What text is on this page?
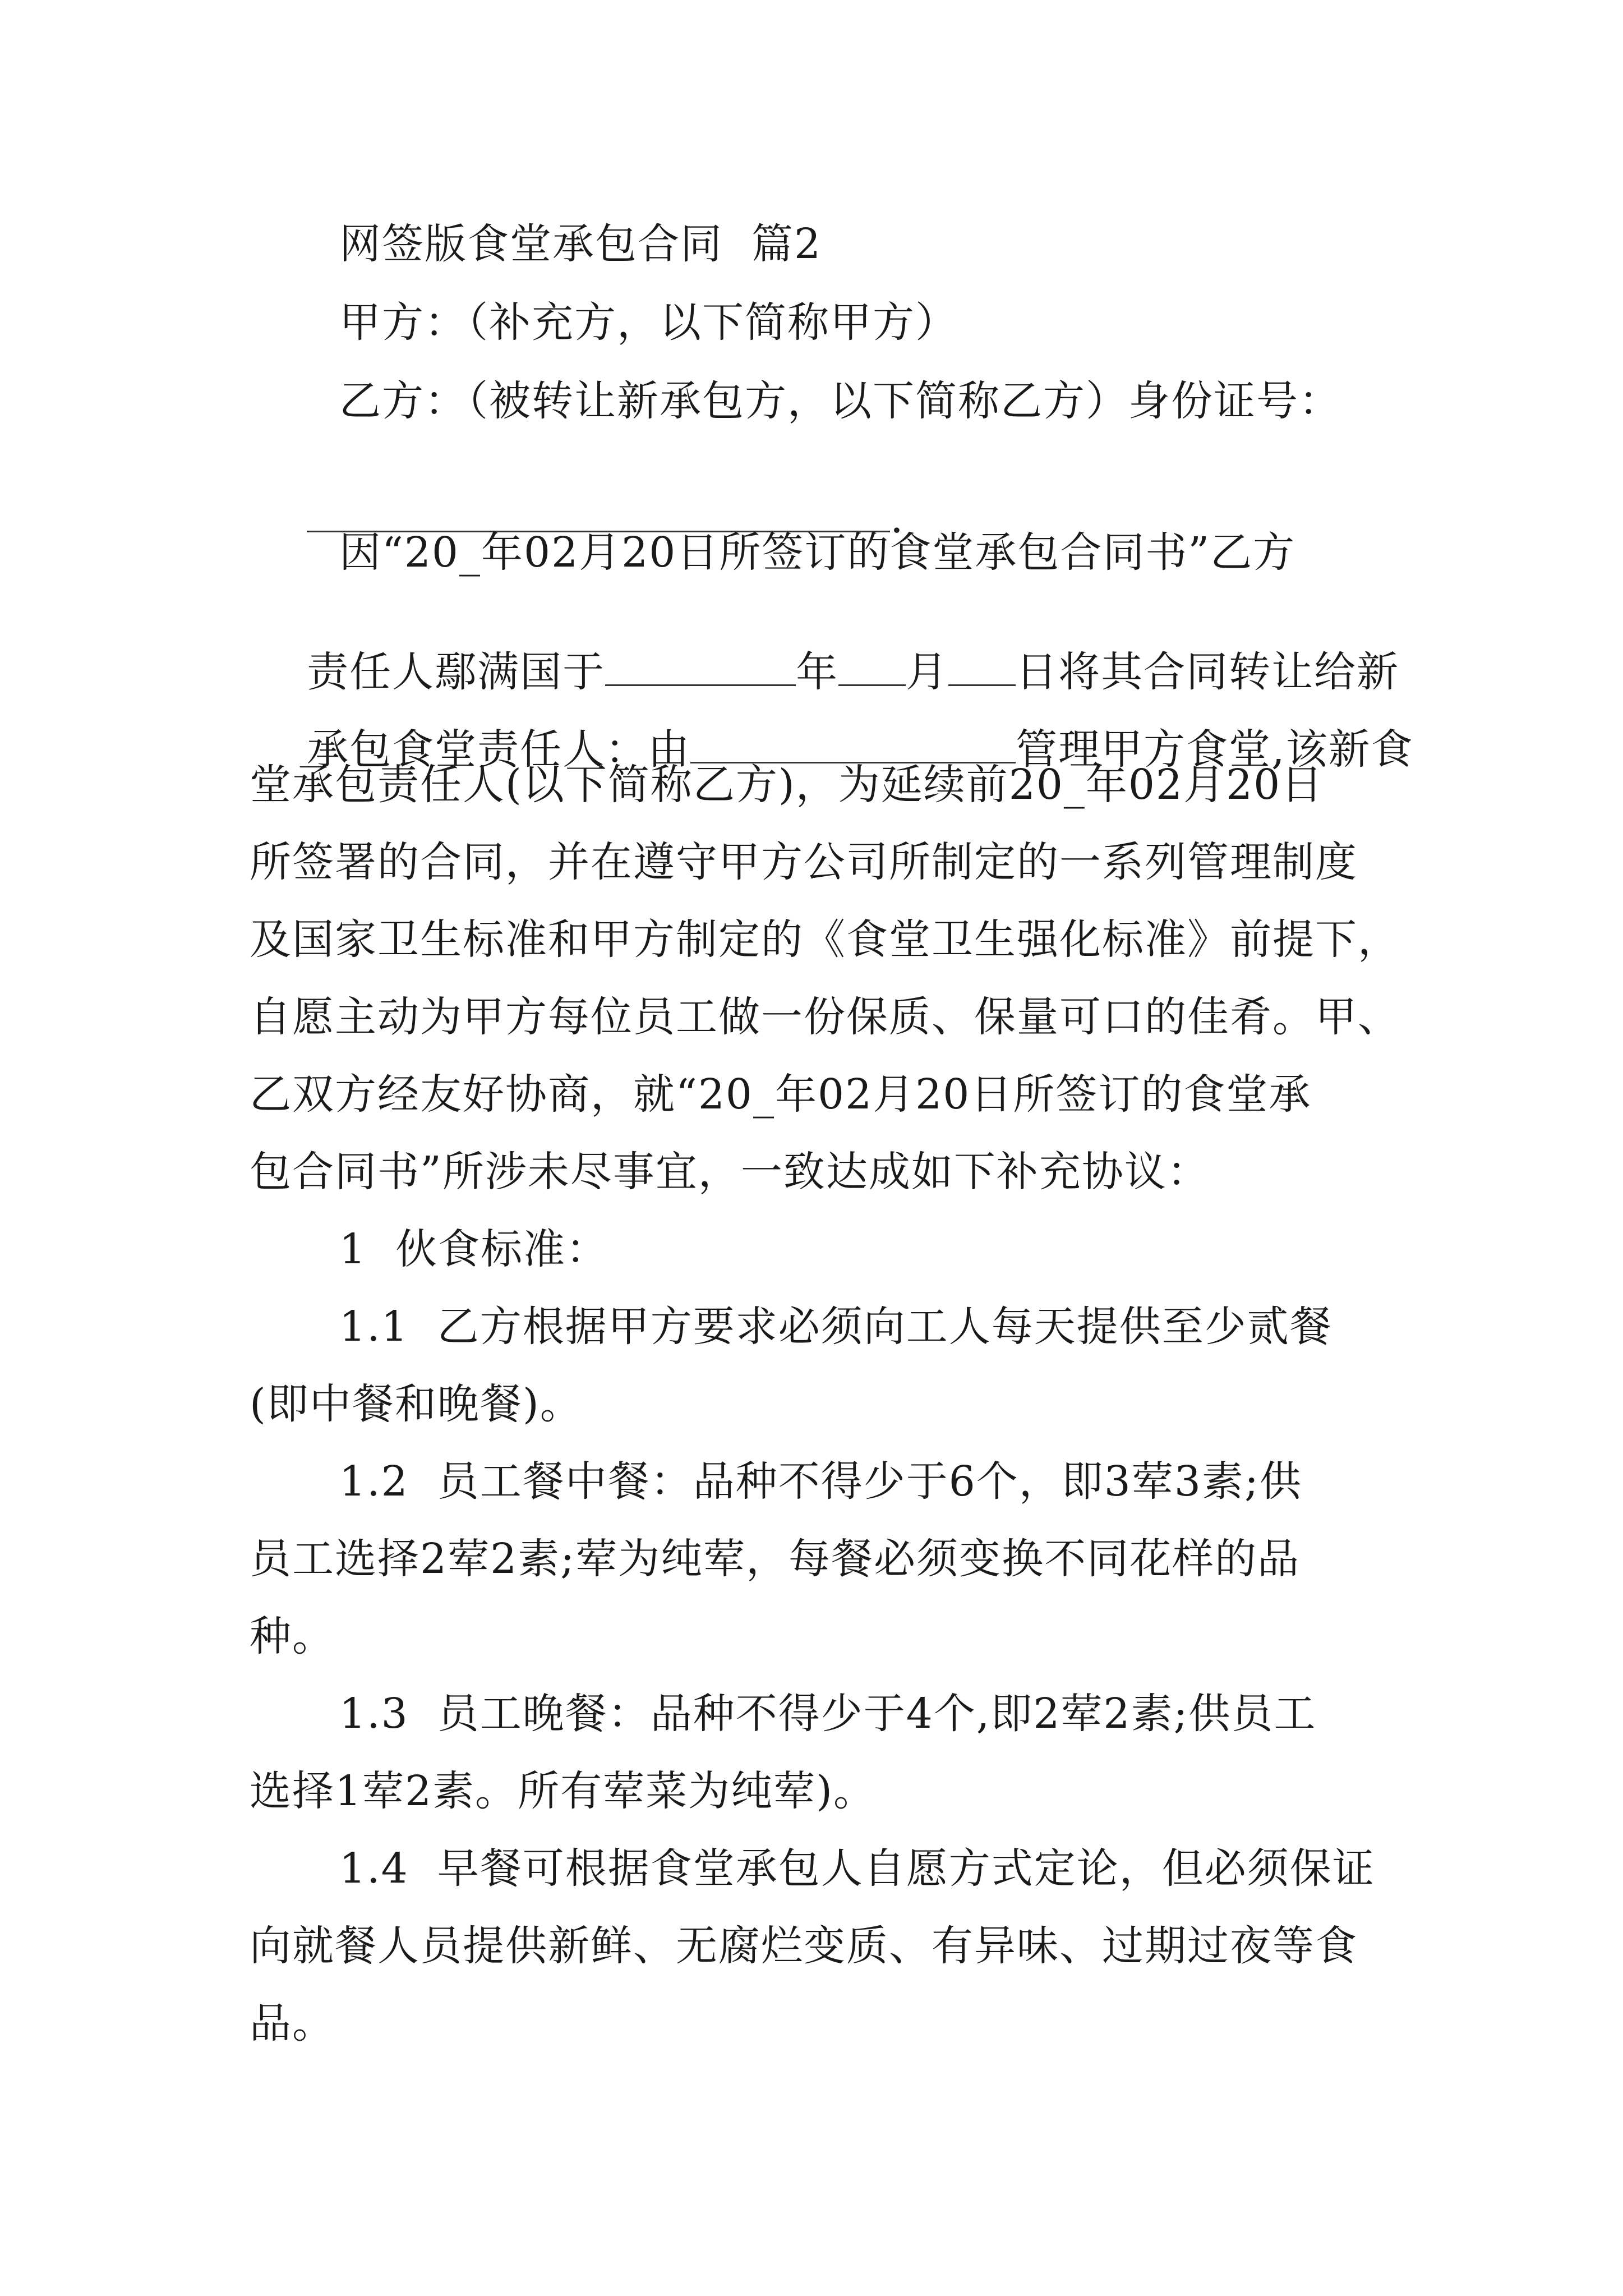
网签版食堂承包合同  篇2
甲方：（补充方，以下简称甲方）
乙方：（被转让新承包方，以下简称乙方）身份证号：

.

因“20_年02月20日所签订的食堂承包合同书”乙方

责任人鄢满国于	年 月 日将其合同转让给新

承包食堂责任人：由	管理甲方食堂,该新食

堂承包责任人(以下简称乙方)，为延续前20_年02月20日
所签署的合同，并在遵守甲方公司所制定的一系列管理制度
及国家卫生标准和甲方制定的《食堂卫生强化标准》前提下，
自愿主动为甲方每位员工做一份保质、保量可口的佳肴。甲、
乙双方经友好协商，就“20_年02月20日所签订的食堂承
包合同书”所涉未尽事宜，一致达成如下补充协议：
1  伙食标准：
1.1  乙方根据甲方要求必须向工人每天提供至少贰餐
(即中餐和晚餐)。
1.2  员工餐中餐：品种不得少于6个，即3荤3素;供
员工选择2荤2素;荤为纯荤，每餐必须变换不同花样的品
种。
1.3  员工晚餐：品种不得少于4个,即2荤2素;供员工
选择1荤2素。所有荤菜为纯荤)。
1.4  早餐可根据食堂承包人自愿方式定论，但必须保证
向就餐人员提供新鲜、无腐烂变质、有异味、过期过夜等食
品。
